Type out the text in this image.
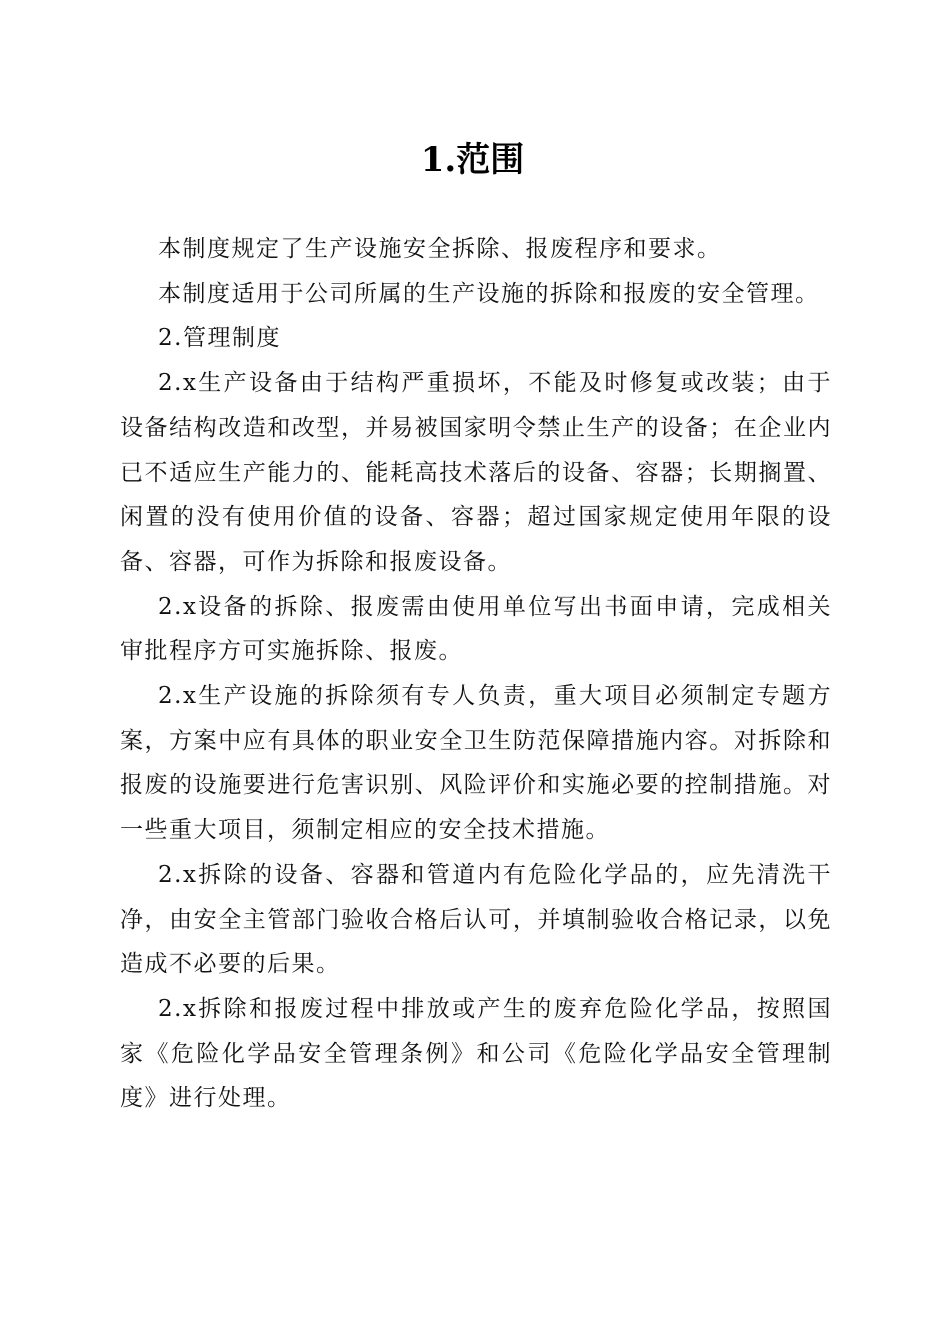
1.范围

本制度规定了生产设施安全拆除、报废程序和要求。

本制度适用于公司所属的生产设施的拆除和报废的安全管理。

2.管理制度

2.x生产设备由于结构严重损坏，不能及时修复或改装；由于设备结构改造和改型，并易被国家明令禁止生产的设备；在企业内已不适应生产能力的、能耗高技术落后的设备、容器；长期搁置、闲置的没有使用价值的设备、容器；超过国家规定使用年限的设备、容器，可作为拆除和报废设备。

2.x设备的拆除、报废需由使用单位写出书面申请，完成相关审批程序方可实施拆除、报废。

2.x生产设施的拆除须有专人负责，重大项目必须制定专题方案，方案中应有具体的职业安全卫生防范保障措施内容。对拆除和报废的设施要进行危害识别、风险评价和实施必要的控制措施。对一些重大项目，须制定相应的安全技术措施。

2.x拆除的设备、容器和管道内有危险化学品的，应先清洗干净，由安全主管部门验收合格后认可，并填制验收合格记录，以免造成不必要的后果。

2.x拆除和报废过程中排放或产生的废弃危险化学品，按照国家《危险化学品安全管理条例》和公司《危险化学品安全管理制度》进行处理。
